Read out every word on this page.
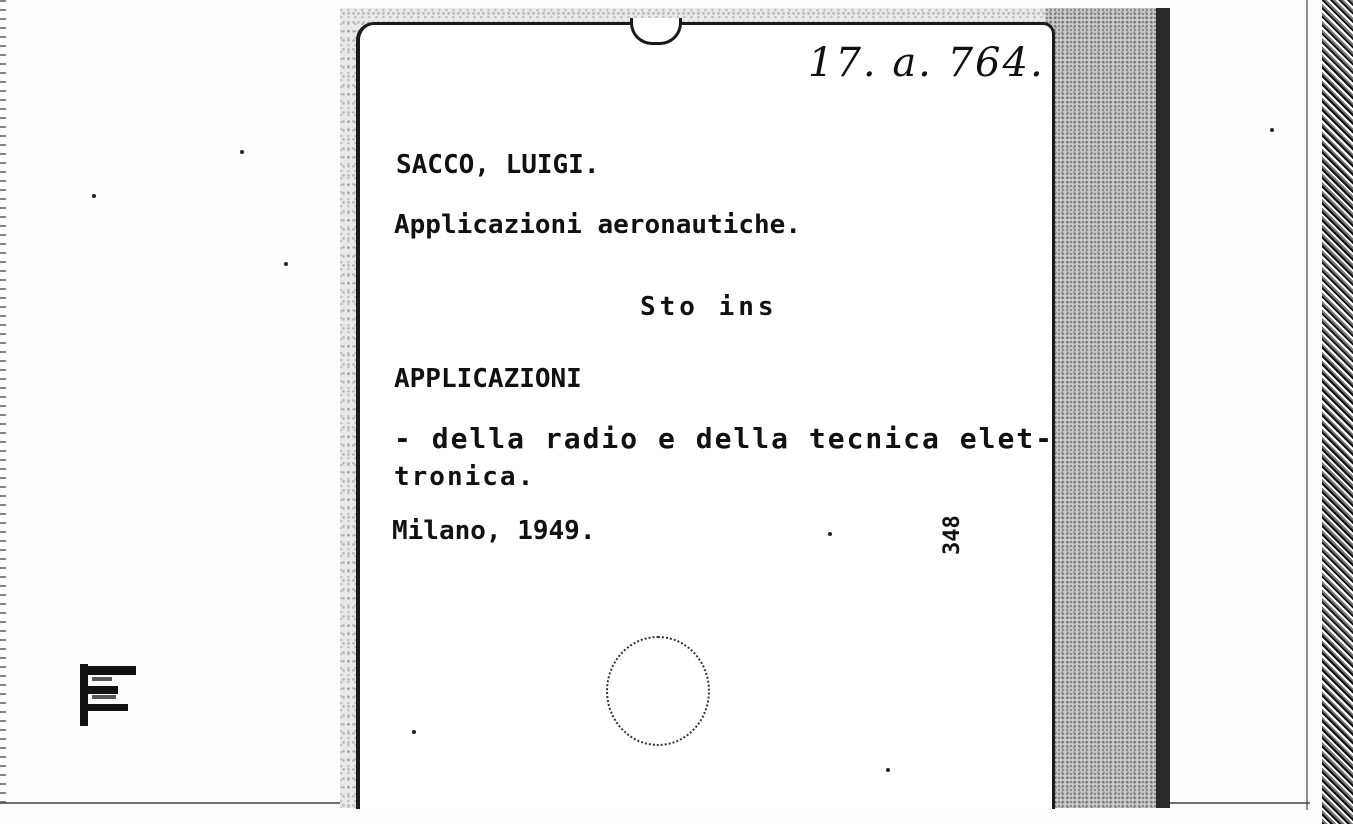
17. a. 764.
SACCO, LUIGI.
Applicazioni aeronautiche.
Sto ins
APPLICAZIONI
- della radio e della tecnica elet-
tronica.
Milano, 1949.	348
